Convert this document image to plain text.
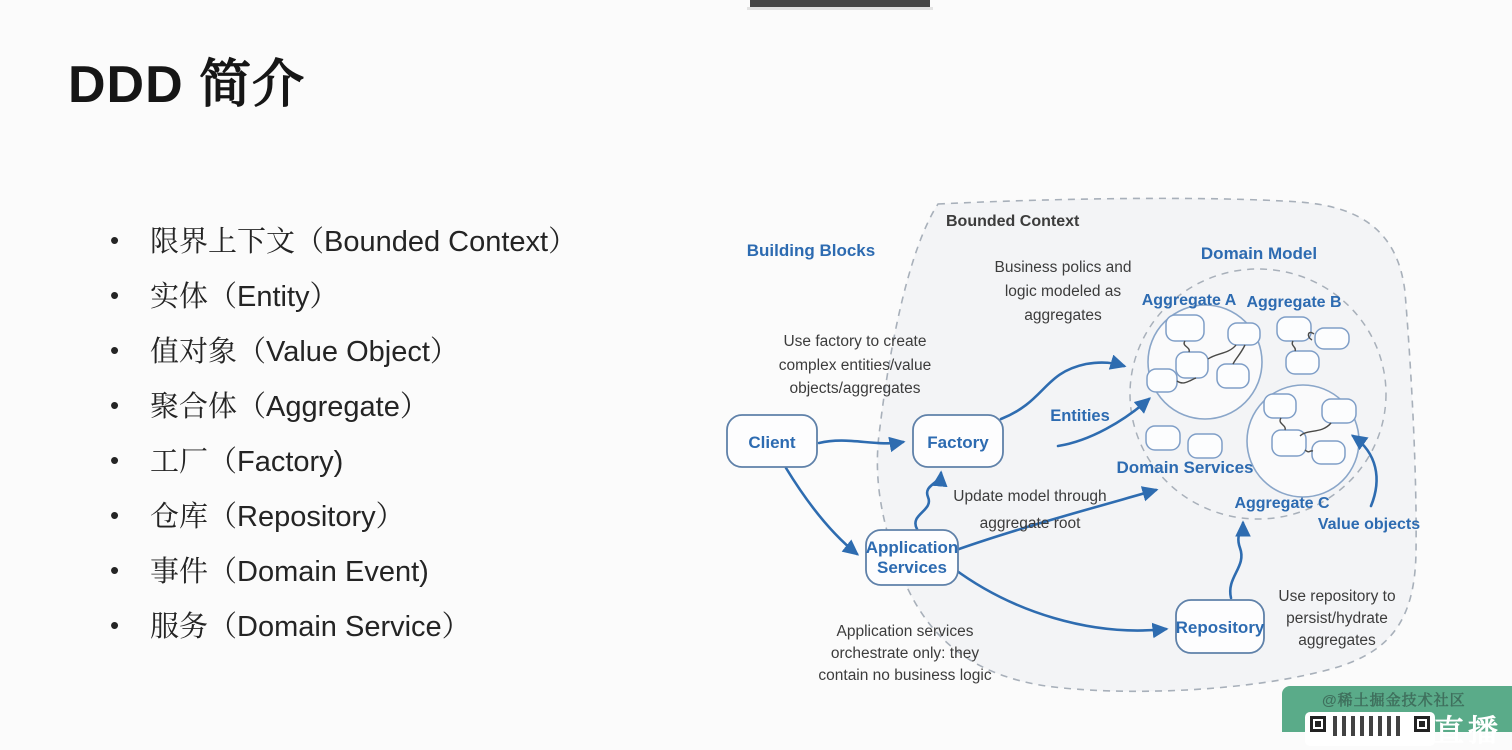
DDD 简介
•	限界上下文（Bounded Context）
•	实体（Entity）
•	值对象（Value Object）
•	聚合体（Aggregate）
•	工厂（Factory)
•	仓库（Repository）
•	事件（Domain Event)
•	服务（Domain Service）
Client	Factory
Application
Services
Repository
Building Blocks
Bounded Context
Domain Model
Aggregate A Aggregate B
Aggregate C
Entities
Domain Services
Value objects
Business polics and
logic modeled as
aggregates
Use factory to create
complex entities/value
objects/aggregates
Update model through
aggregate root
Application services
orchestrate only: they
contain no business logic
Use repository to
persist/hydrate
aggregates
@稀土掘金技术社区
直播
